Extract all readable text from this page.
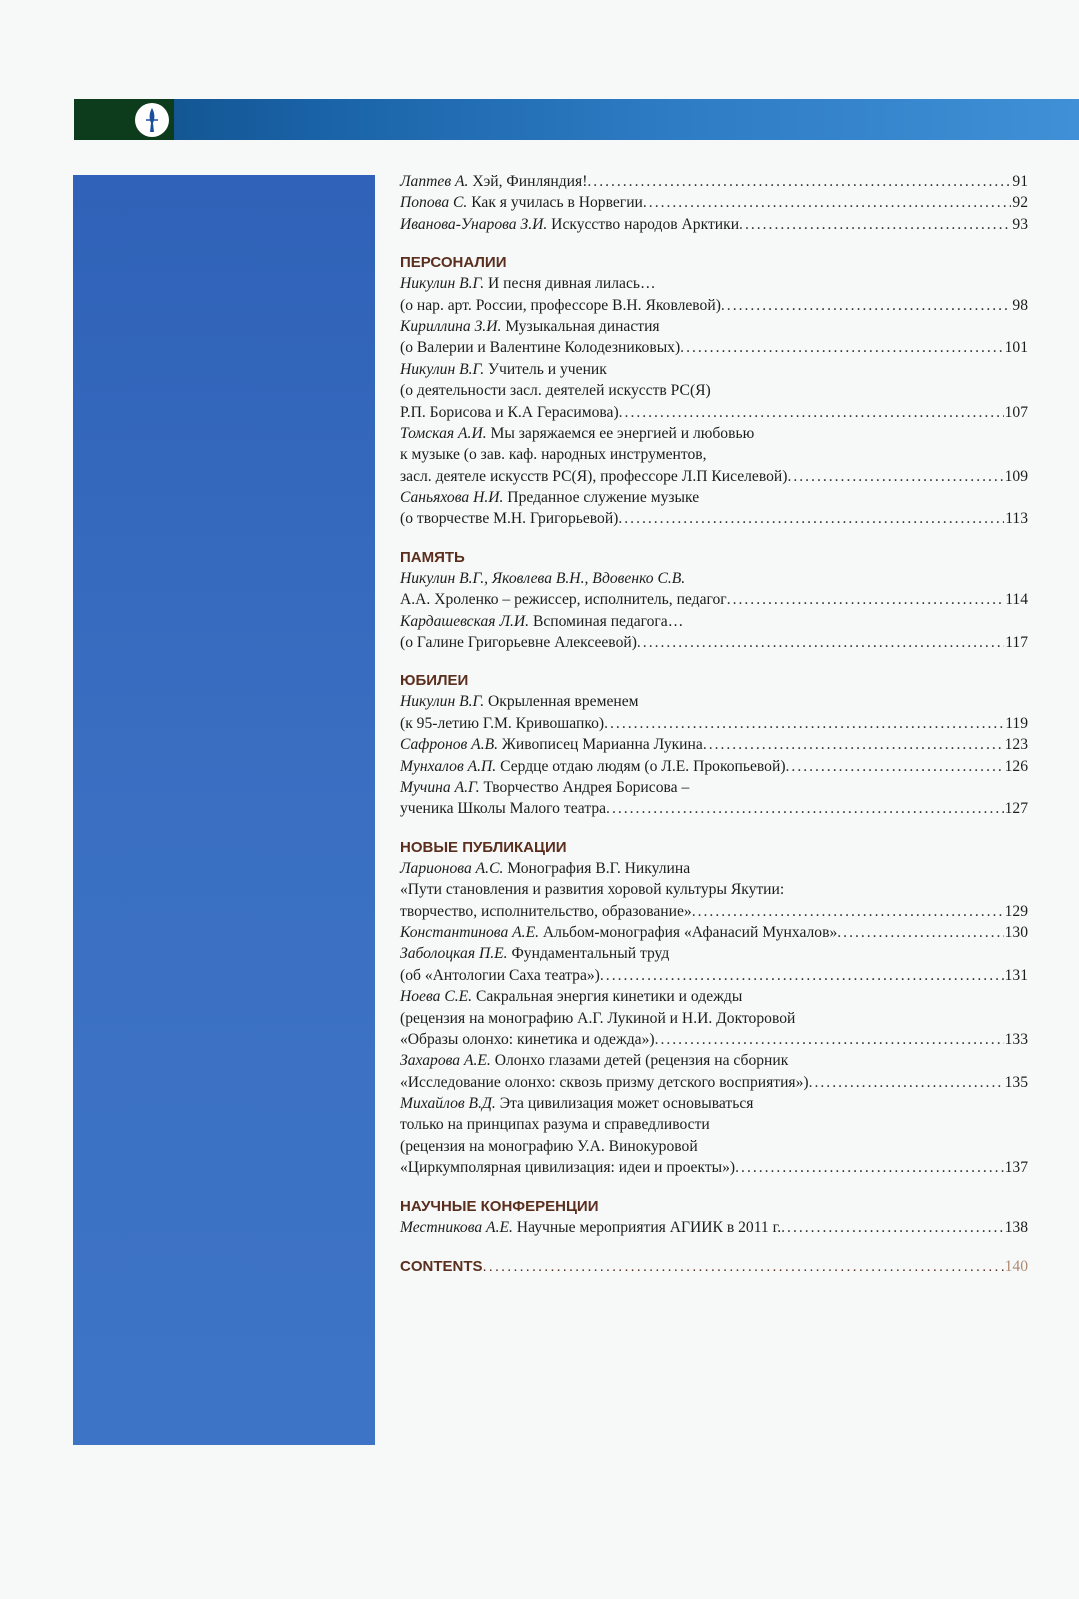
Лаптев А. Хэй, Финляндия! .....	91
Попова С. Как я училась в Норвегии .....	92
Иванова-Унарова З.И. Искусство народов Арктики .....	93
ПЕРСОНАЛИИ
Никулин В.Г. И песня дивная лилась…
(о нар. арт. России, профессоре В.Н. Яковлевой) .....	98
Кириллина З.И. Музыкальная династия
(о Валерии и Валентине Колодезниковых) .....	101
Никулин В.Г. Учитель и ученик
(о деятельности засл. деятелей искусств РС(Я)
Р.П. Борисова и К.А Герасимова) .....	107
Томская А.И. Мы заряжаемся ее энергией и любовью
к музыке (о зав. каф. народных инструментов,
засл. деятеле искусств РС(Я), профессоре Л.П Киселевой) .....	109
Саньяхова Н.И. Преданное служение музыке
(о творчестве М.Н. Григорьевой) .....	113
ПАМЯТЬ
Никулин В.Г., Яковлева В.Н., Вдовенко С.В.
А.А. Хроленко – режиссер, исполнитель, педагог .....	114
Кардашевская Л.И. Вспоминая педагога…
(о Галине Григорьевне Алексеевой) .....	117
ЮБИЛЕИ
Никулин В.Г. Окрыленная временем
(к 95-летию Г.М. Кривошапко) .....	119
Сафронов А.В. Живописец Марианна Лукина .....	123
Мунхалов А.П. Сердце отдаю людям (о Л.Е. Прокопьевой) .....	126
Мучина А.Г. Творчество Андрея Борисова –
ученика Школы Малого театра .....	127
НОВЫЕ ПУБЛИКАЦИИ
Ларионова А.С. Монография В.Г. Никулина
«Пути становления и развития хоровой культуры Якутии:
творчество, исполнительство, образование» .....	129
Константинова А.Е. Альбом-монография «Афанасий Мунхалов» .....	130
Заболоцкая П.Е. Фундаментальный труд
(об «Антологии Саха театра») .....	131
Ноева С.Е. Сакральная энергия кинетики и одежды
(рецензия на монографию А.Г. Лукиной и Н.И. Докторовой
«Образы олонхо: кинетика и одежда») .....	133
Захарова А.Е. Олонхо глазами детей (рецензия на сборник
«Исследование олонхо: сквозь призму детского восприятия») .....	135
Михайлов В.Д. Эта цивилизация может основываться
только на принципах разума и справедливости
(рецензия на монографию У.А. Винокуровой
«Циркумполярная цивилизация: идеи и проекты») .....	137
НАУЧНЫЕ КОНФЕРЕНЦИИ
Местникова А.Е. Научные мероприятия АГИИК в 2011 г. .....	138
CONTENTS .....	140
